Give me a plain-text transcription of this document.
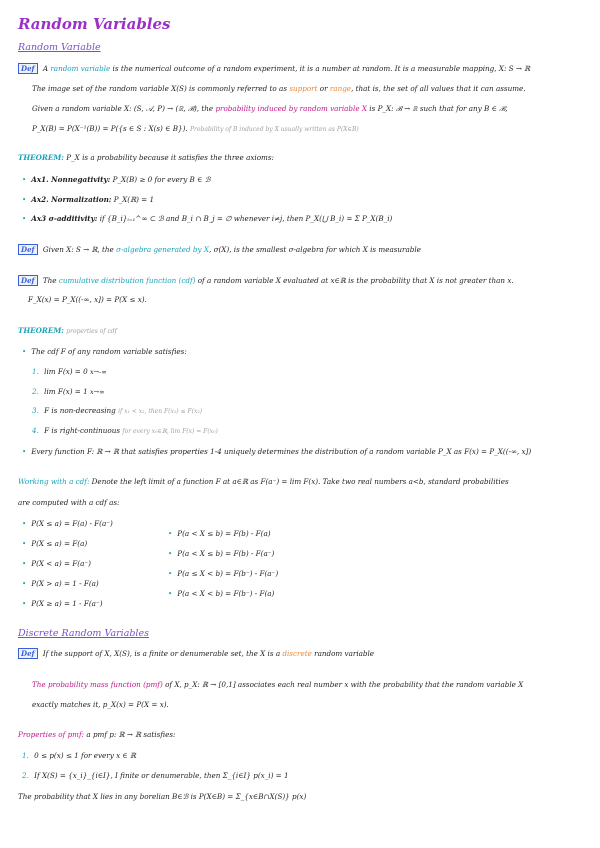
Random Variables
Random Variable
Def A random variable is the numerical outcome of a random experiment, it is a number at random. It is a measurable mapping, X: S → ℝ
The image set of the random variable X(S) is commonly referred to as support or range, that is, the set of all values that it can assume.
Given a random variable X: (S, 𝒜, P) → (ℝ, ℬ), the probability induced by random variable X is P_X: ℬ → ℝ such that for any B ∈ ℬ,
P_X(B) = P(X⁻¹(B)) = P({s ∈ S : X(s) ∈ B}). Probability of B induced by X usually written as P(X∈B)
THEOREM: P_X is a probability because it satisfies the three axioms:
• Ax1. Nonnegativity: P_X(B) ≥ 0 for every B ∈ ℬ
• Ax2. Normalization: P_X(ℝ) = 1
• Ax3 σ-additivity: if {B_i}ᵢ₌₁^∞ ⊂ ℬ and B_i ∩ B_j = ∅ whenever i≠j, then P_X(⋃ B_i) = Σ P_X(B_i)
Def Given X: S → ℝ, the σ-algebra generated by X, σ(X), is the smallest σ-algebra for which X is measurable
Def The cumulative distribution function (cdf) of a random variable X evaluated at x∈ℝ is the probability that X is not greater than x.
F_X(x) = P_X((-∞, x]) = P(X ≤ x).
THEOREM: properties of cdf
• The cdf F of any random variable satisfies:
1. lim F(x) = 0 x→-∞
2. lim F(x) = 1 x→∞
3. F is non-decreasing if x₁ < x₂, then F(x₁) ≤ F(x₂)
4. F is right-continuous for every x₀∈ℝ, lim F(x) = F(x₀)
• Every function F: ℝ → ℝ that satisfies properties 1-4 uniquely determines the distribution of a random variable P_X as F(x) = P_X((-∞, x])
Working with a cdf: Denote the left limit of a function F at a∈ℝ as F(a⁻) = lim F(x). Take two real numbers a<b, standard probabilities
are computed with a cdf as:
• P(X ≤ a) = F(a) - F(a⁻)
• P(X ≤ a) = F(a)
• P(X < a) = F(a⁻)
• P(X > a) = 1 - F(a)
• P(X ≥ a) = 1 - F(a⁻)
• P(a < X ≤ b) = F(b) - F(a)
• P(a < X ≤ b) = F(b) - F(a⁻)
• P(a ≤ X < b) = F(b⁻) - F(a⁻)
• P(a < X < b) = F(b⁻) - F(a)
Discrete Random Variables
Def If the support of X, X(S), is a finite or denumerable set, the X is a discrete random variable
The probability mass function (pmf) of X, p_X: ℝ → [0,1] associates each real number x with the probability that the random variable X
exactly matches it, p_X(x) = P(X = x).
Properties of pmf: a pmf p: ℝ → ℝ satisfies:
1. 0 ≤ p(x) ≤ 1 for every x ∈ ℝ
2. If X(S) = {x_i}_{i∈I}, I finite or denumerable, then Σ_{i∈I} p(x_i) = 1
The probability that X lies in any borelian B∈ℬ is P(X∈B) = Σ_{x∈B∩X(S)} p(x)
